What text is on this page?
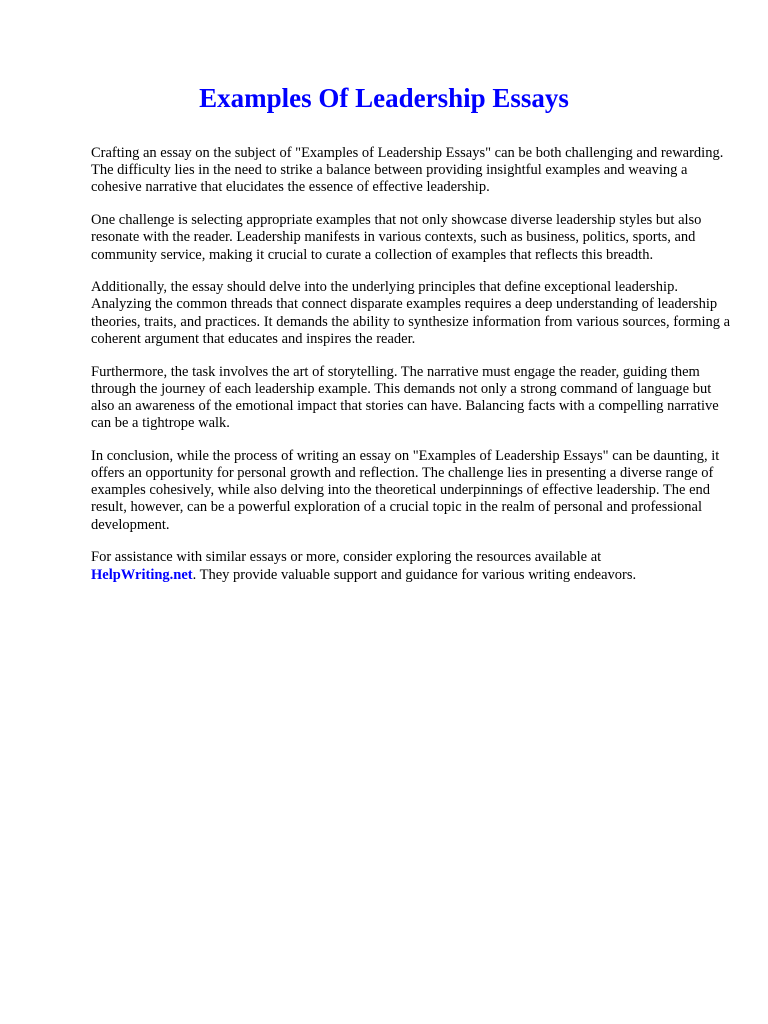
Examples Of Leadership Essays

Crafting an essay on the subject of "Examples of Leadership Essays" can be both challenging and rewarding. The difficulty lies in the need to strike a balance between providing insightful examples and weaving a cohesive narrative that elucidates the essence of effective leadership.

One challenge is selecting appropriate examples that not only showcase diverse leadership styles but also resonate with the reader. Leadership manifests in various contexts, such as business, politics, sports, and community service, making it crucial to curate a collection of examples that reflects this breadth.

Additionally, the essay should delve into the underlying principles that define exceptional leadership. Analyzing the common threads that connect disparate examples requires a deep understanding of leadership theories, traits, and practices. It demands the ability to synthesize information from various sources, forming a coherent argument that educates and inspires the reader.

Furthermore, the task involves the art of storytelling. The narrative must engage the reader, guiding them through the journey of each leadership example. This demands not only a strong command of language but also an awareness of the emotional impact that stories can have. Balancing facts with a compelling narrative can be a tightrope walk.

In conclusion, while the process of writing an essay on "Examples of Leadership Essays" can be daunting, it offers an opportunity for personal growth and reflection. The challenge lies in presenting a diverse range of examples cohesively, while also delving into the theoretical underpinnings of effective leadership. The end result, however, can be a powerful exploration of a crucial topic in the realm of personal and professional development.

For assistance with similar essays or more, consider exploring the resources available at
HelpWriting.net. They provide valuable support and guidance for various writing endeavors.
